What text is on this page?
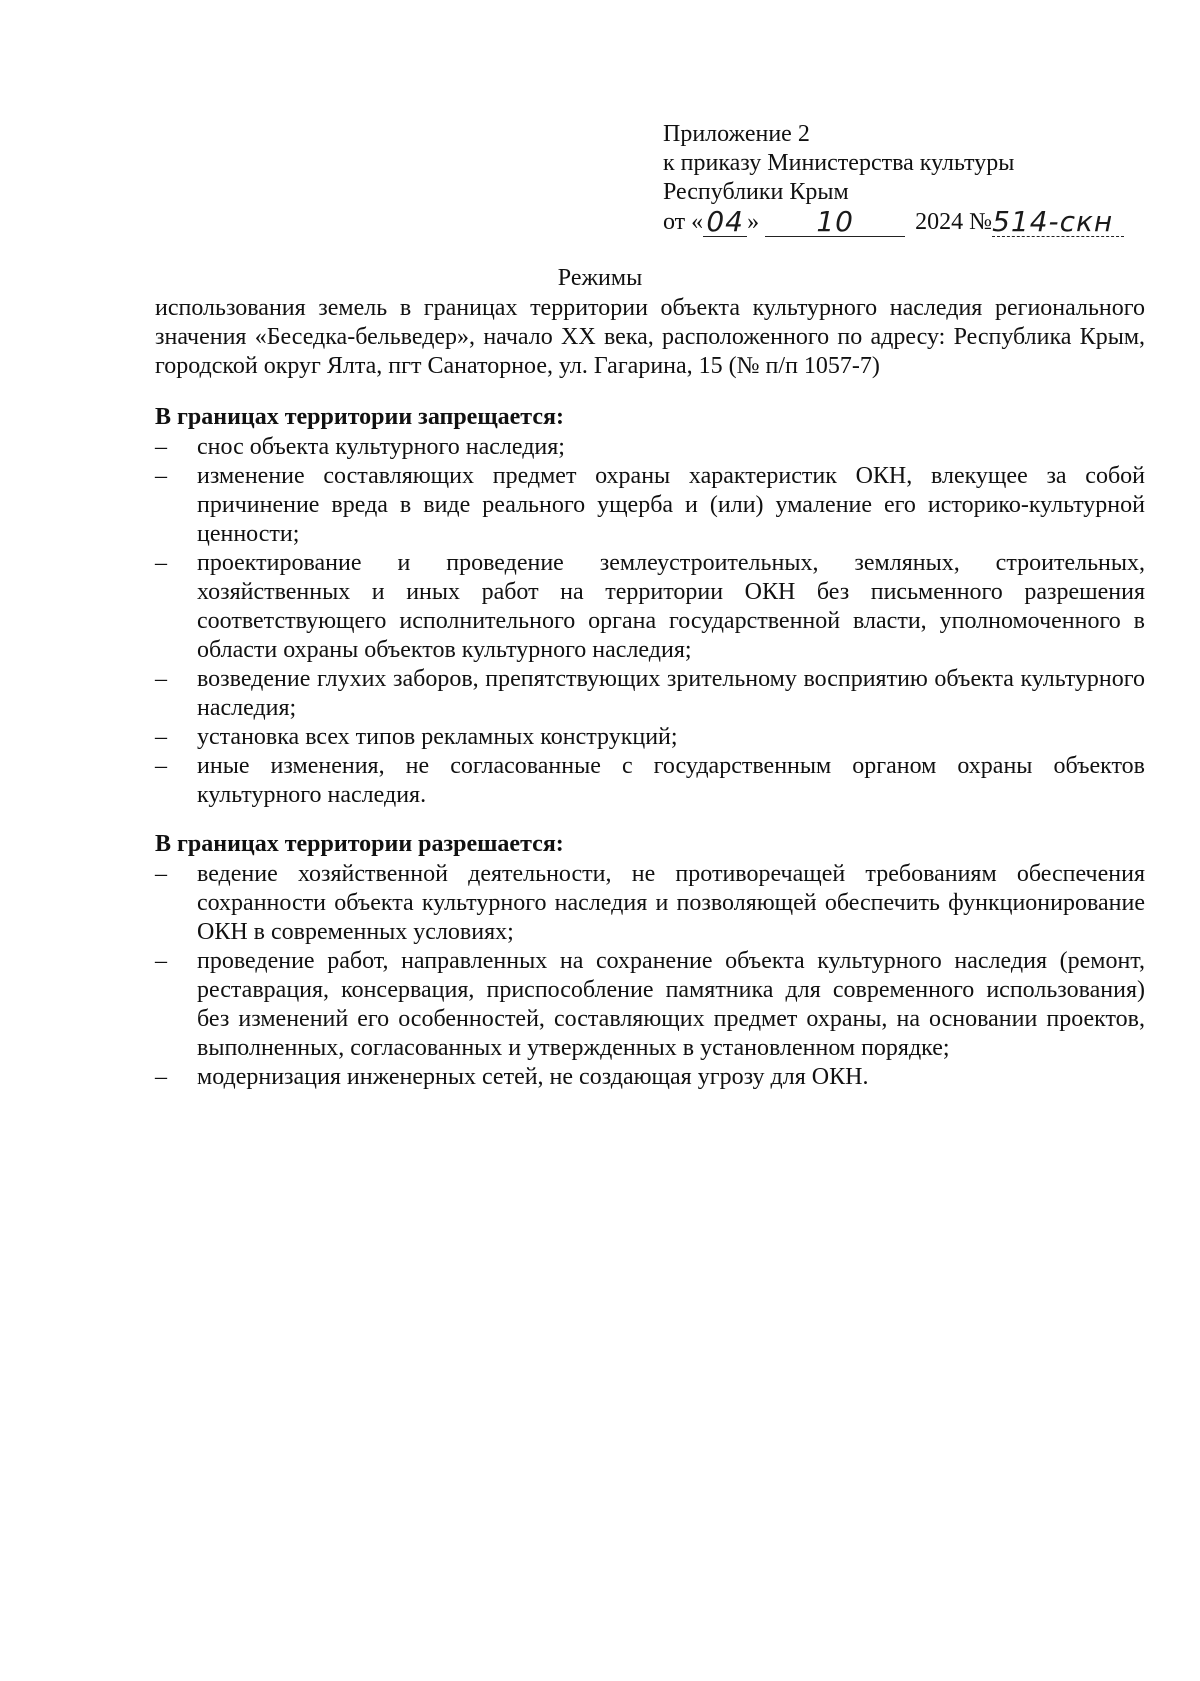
Приложение 2
к приказу Министерства культуры
Республики Крым
от « 04 »	10	2024 № 514-скн
Режимы
использования земель в границах территории объекта культурного наследия регионального значения «Беседка-бельведер», начало XX века, расположенного по адресу: Республика Крым, городской округ Ялта, пгт Санаторное, ул. Гагарина, 15 (№ п/п 1057-7)
В границах территории запрещается:
–	снос объекта культурного наследия;
–	изменение составляющих предмет охраны характеристик ОКН, влекущее за собой причинение вреда в виде реального ущерба и (или) умаление его историко-культурной ценности;
–	проектирование и проведение землеустроительных, земляных, строительных, хозяйственных и иных работ на территории ОКН без письменного разрешения соответствующего исполнительного органа государственной власти, уполномоченного в области охраны объектов культурного наследия;
–	возведение глухих заборов, препятствующих зрительному восприятию объекта культурного наследия;
–	установка всех типов рекламных конструкций;
–	иные изменения, не согласованные с государственным органом охраны объектов культурного наследия.
В границах территории разрешается:
–	ведение хозяйственной деятельности, не противоречащей требованиям обеспечения сохранности объекта культурного наследия и позволяющей обеспечить функционирование ОКН в современных условиях;
–	проведение работ, направленных на сохранение объекта культурного наследия (ремонт, реставрация, консервация, приспособление памятника для современного использования) без изменений его особенностей, составляющих предмет охраны, на основании проектов, выполненных, согласованных и утвержденных в установленном порядке;
–	модернизация инженерных сетей, не создающая угрозу для ОКН.
